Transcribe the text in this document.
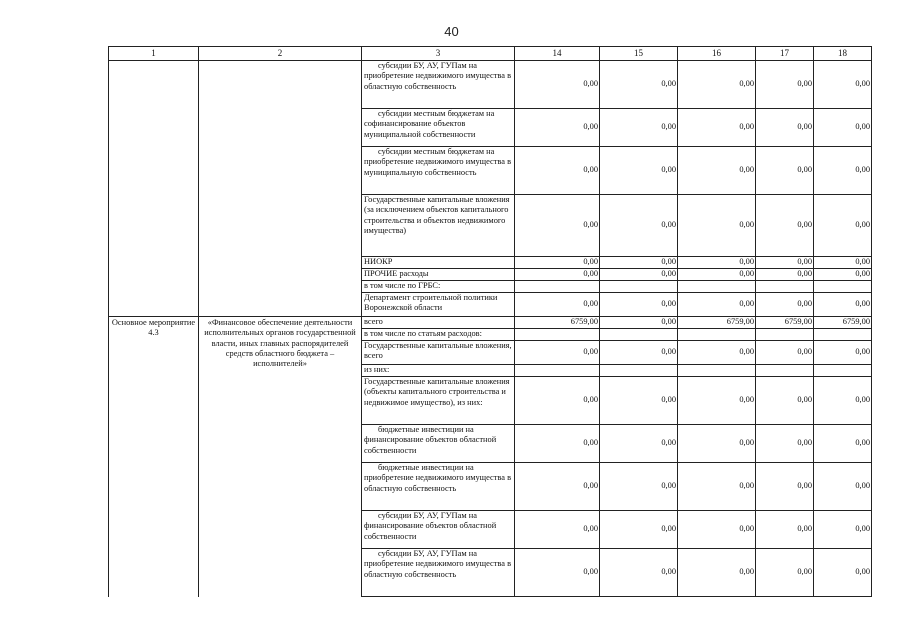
40
1	2	3	14	15	16	17	18
		субсидии БУ, АУ, ГУПам на приобретение недвижимого имущества в областную собственность	0,00	0,00	0,00	0,00	0,00
		субсидии местным бюджетам на софинансирование объектов муниципальной собственности	0,00	0,00	0,00	0,00	0,00
		субсидии местным бюджетам на приобретение недвижимого имущества в муниципальную собственность	0,00	0,00	0,00	0,00	0,00
		Государственные капитальные вложения (за исключением объектов капитального строительства и объектов недвижимого имущества)	0,00	0,00	0,00	0,00	0,00
		НИОКР	0,00	0,00	0,00	0,00	0,00
		ПРОЧИЕ расходы	0,00	0,00	0,00	0,00	0,00
		в том числе по ГРБС:					
		Департамент строительной политики Воронежской области	0,00	0,00	0,00	0,00	0,00
Основное мероприятие 4.3	«Финансовое обеспечение деятельности исполнительных органов государственной власти, иных главных распорядителей средств областного бюджета – исполнителей»	всего	6759,00	0,00	6759,00	6759,00	6759,00
		в том числе по статьям расходов:					
		Государственные капитальные вложения, всего	0,00	0,00	0,00	0,00	0,00
		из них:					
		Государственные капитальные вложения (объекты капитального строительства и недвижимое имущество), из них:	0,00	0,00	0,00	0,00	0,00
		бюджетные инвестиции на финансирование объектов областной собственности	0,00	0,00	0,00	0,00	0,00
		бюджетные инвестиции на приобретение недвижимого имущества в областную собственность	0,00	0,00	0,00	0,00	0,00
		субсидии БУ, АУ, ГУПам на финансирование объектов областной собственности	0,00	0,00	0,00	0,00	0,00
		субсидии БУ, АУ, ГУПам на приобретение недвижимого имущества в областную собственность	0,00	0,00	0,00	0,00	0,00
